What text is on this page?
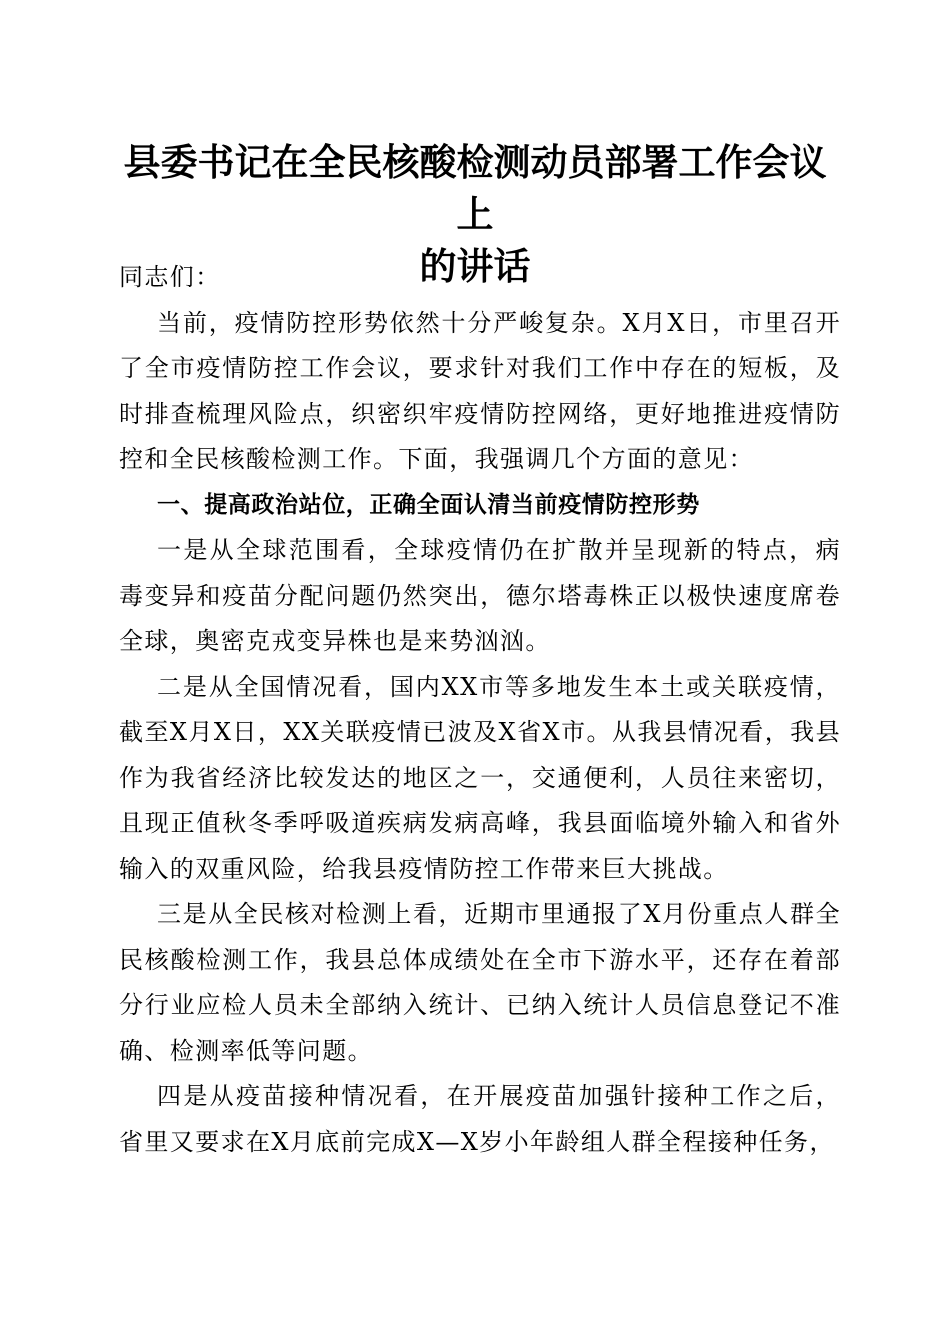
县委书记在全民核酸检测动员部署工作会议上
的讲话

同志们：

当前，疫情防控形势依然十分严峻复杂。X月X日，市里召开了全市疫情防控工作会议，要求针对我们工作中存在的短板，及时排查梳理风险点，织密织牢疫情防控网络，更好地推进疫情防控和全民核酸检测工作。下面，我强调几个方面的意见：

一、提高政治站位，正确全面认清当前疫情防控形势

一是从全球范围看，全球疫情仍在扩散并呈现新的特点，病毒变异和疫苗分配问题仍然突出，德尔塔毒株正以极快速度席卷全球，奥密克戎变异株也是来势汹汹。

二是从全国情况看，国内XX市等多地发生本土或关联疫情，截至X月X日，XX关联疫情已波及X省X市。从我县情况看，我县作为我省经济比较发达的地区之一，交通便利，人员往来密切，且现正值秋冬季呼吸道疾病发病高峰，我县面临境外输入和省外输入的双重风险，给我县疫情防控工作带来巨大挑战。

三是从全民核对检测上看，近期市里通报了X月份重点人群全民核酸检测工作，我县总体成绩处在全市下游水平，还存在着部分行业应检人员未全部纳入统计、已纳入统计人员信息登记不准确、检测率低等问题。

四是从疫苗接种情况看，在开展疫苗加强针接种工作之后，省里又要求在X月底前完成X—X岁小年龄组人群全程接种任务，
